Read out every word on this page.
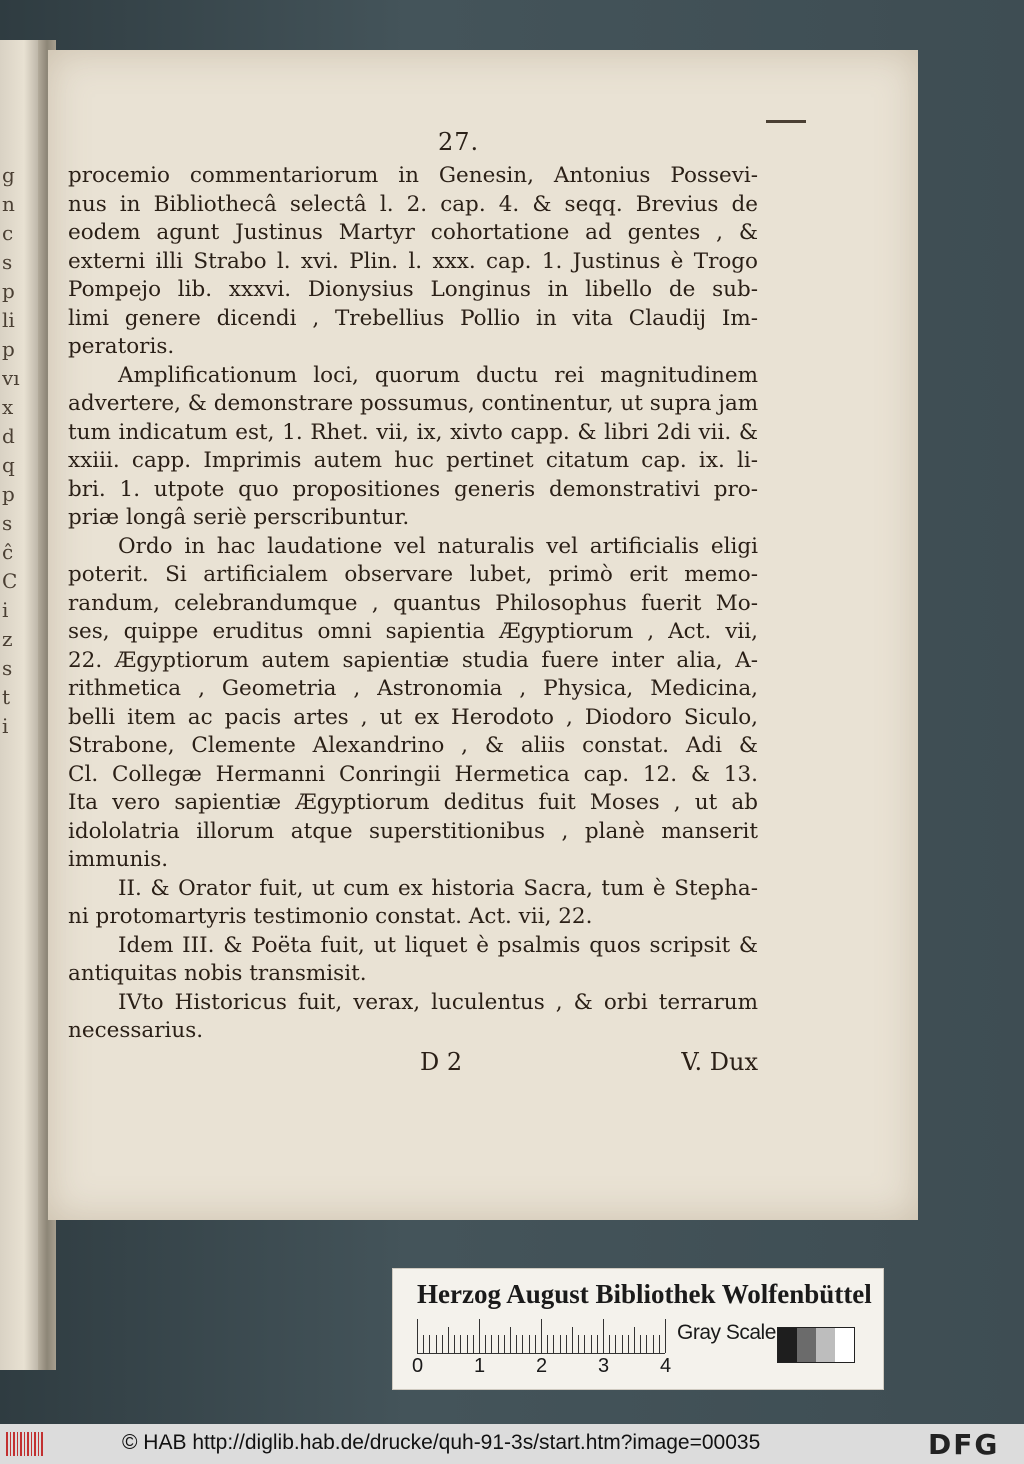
g
n
c
s
p
li
p
vı
x
d
q
p
s
ĉ
C
i
z
s
t
i
27.
procemio commentariorum in Genesin, Antonius Possevi-
nus in Bibliothecâ selectâ l. 2. cap. 4. & seqq. Brevius de
eodem agunt Justinus Martyr cohortatione ad gentes , &
externi illi Strabo l. xvi. Plin. l. xxx. cap. 1. Justinus è Trogo
Pompejo lib. xxxvi. Dionysius Longinus in libello de sub-
limi genere dicendi , Trebellius Pollio in vita Claudij Im-
peratoris.
Amplificationum loci, quorum ductu rei magnitudinem
advertere, & demonstrare possumus, continentur, ut supra jam
tum indicatum est, 1. Rhet. vii, ix, xivto capp. & libri 2di vii. &
xxiii. capp. Imprimis autem huc pertinet citatum cap. ix. li-
bri. 1. utpote quo propositiones generis demonstrativi pro-
priæ longâ seriè perscribuntur.
Ordo in hac laudatione vel naturalis vel artificialis eligi
poterit. Si artificialem observare lubet, primò erit memo-
randum, celebrandumque , quantus Philosophus fuerit Mo-
ses, quippe eruditus omni sapientia Ægyptiorum , Act. vii,
22. Ægyptiorum autem sapientiæ studia fuere inter alia, A-
rithmetica , Geometria , Astronomia , Physica, Medicina,
belli item ac pacis artes , ut ex Herodoto , Diodoro Siculo,
Strabone, Clemente Alexandrino , & aliis constat. Adi &
Cl. Collegæ Hermanni Conringii Hermetica cap. 12. & 13.
Ita vero sapientiæ Ægyptiorum deditus fuit Moses , ut ab
idololatria illorum atque superstitionibus , planè manserit
immunis.
II. & Orator fuit, ut cum ex historia Sacra, tum è Stepha-
ni protomartyris testimonio constat. Act. vii, 22.
Idem III. & Poëta fuit, ut liquet è psalmis quos scripsit &
antiquitas nobis transmisit.
IVto Historicus fuit, verax, luculentus , & orbi terrarum
necessarius.
D 2	V. Dux
Herzog August Bibliothek Wolfenbüttel
0	1	2	3	4
Gray Scale
© HAB http://diglib.hab.de/drucke/quh-91-3s/start.htm?image=00035	DFG
